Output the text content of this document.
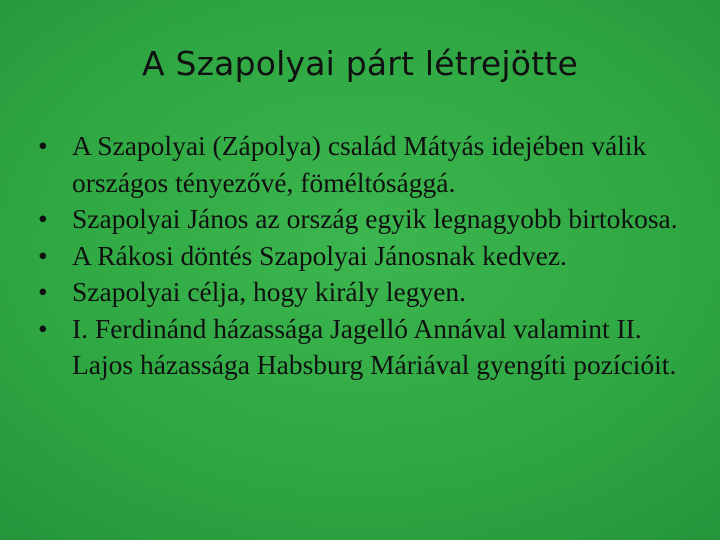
A Szapolyai párt létrejötte
• A Szapolyai (Zápolya) család Mátyás idejében válik országos tényezővé, föméltósággá.
• Szapolyai János az ország egyik legnagyobb birtokosa.
• A Rákosi döntés Szapolyai Jánosnak kedvez.
• Szapolyai célja, hogy király legyen.
• I. Ferdinánd házassága Jagelló Annával valamint II. Lajos házassága Habsburg Máriával gyengíti pozícióit.
